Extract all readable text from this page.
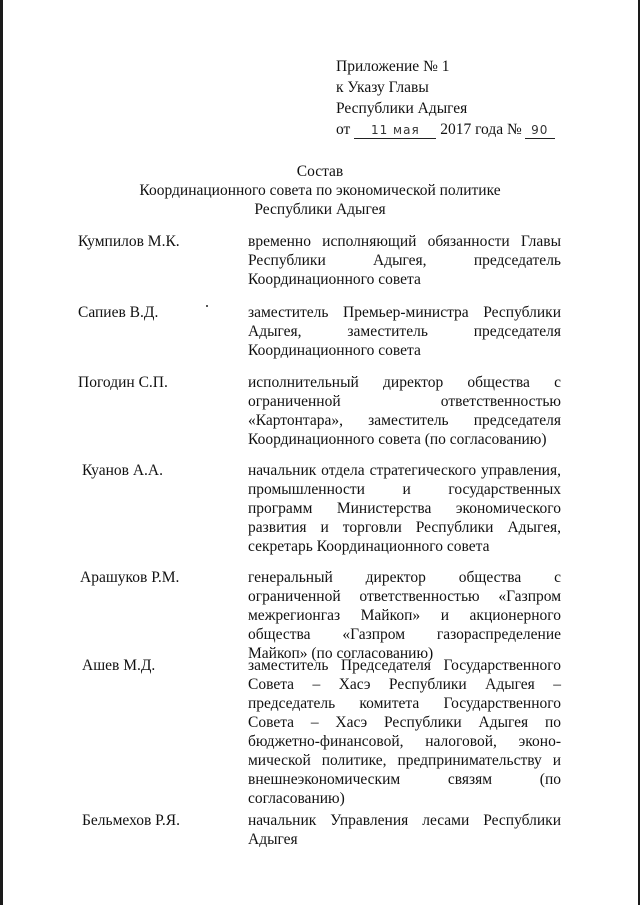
Приложение № 1
к Указу Главы
Республики Адыгея
от 11 мая 2017 года № 90
Состав
Координационного совета по экономической политике
Республики Адыгея
Кумпилов М.К.	временно исполняющий обязанности Главы Республики Адыгея, председатель Координационного совета
Сапиев В.Д.	заместитель Премьер-министра Республики Адыгея, заместитель председателя Координационного совета
Погодин С.П.	исполнительный директор общества с ограниченной ответственностью «Картонтара», заместитель председателя Координационного совета (по согласованию)
Куанов А.А.	начальник отдела стратегического управления, промышленности и государственных программ Министерства экономического развития и торговли Республики Адыгея, секретарь Координационного совета
Арашуков Р.М.	генеральный директор общества с ограниченной ответственностью «Газпром межрегионгаз Майкоп» и акционерного общества «Газпром газораспределение Майкоп» (по согласованию)
Ашев М.Д.	заместитель Председателя Государственного Совета – Хасэ Республики Адыгея – председатель комитета Государственного Совета – Хасэ Республики Адыгея по бюджетно-финансовой, налоговой, экономической политике, предпринимательству и внешнеэкономическим связям (по согласованию)
Бельмехов Р.Я.	начальник Управления лесами Республики Адыгея
